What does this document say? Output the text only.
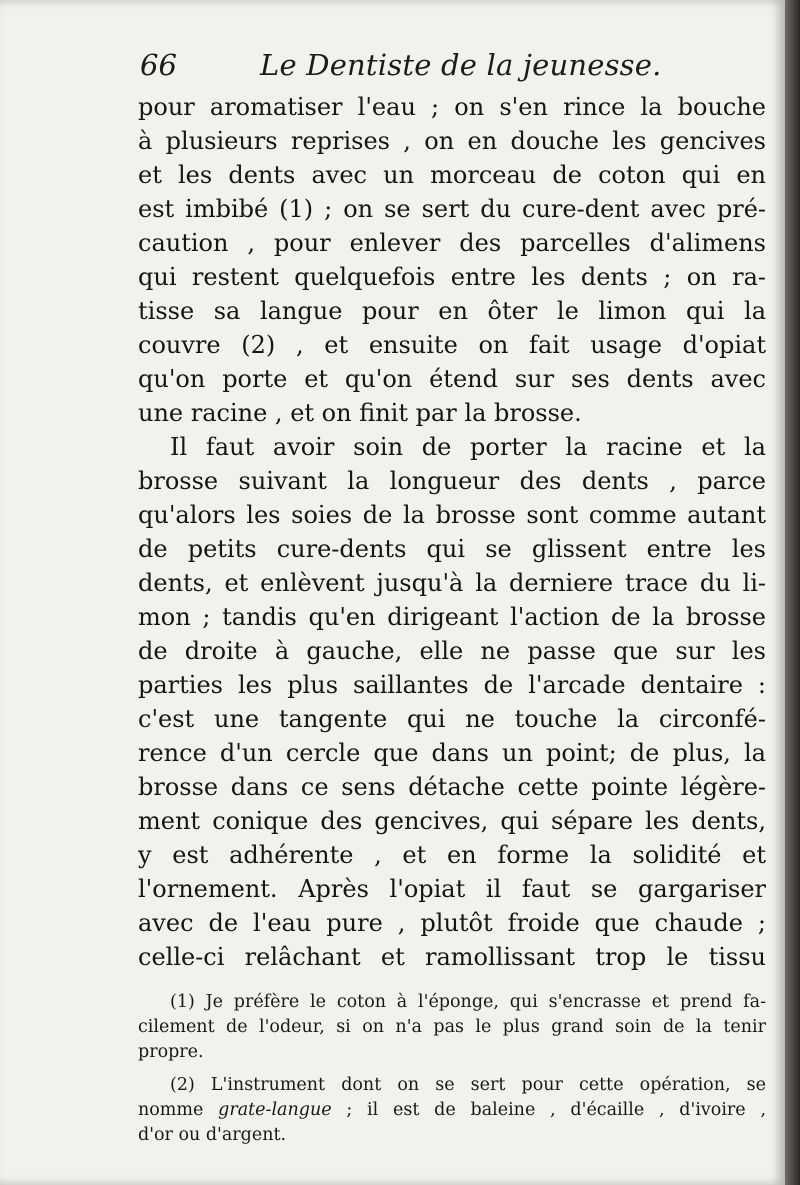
66	Le Dentiste de la jeunesse.
pour aromatiser l'eau ; on s'en rince la bouche
à plusieurs reprises , on en douche les gencives
et les dents avec un morceau de coton qui en
est imbibé (1) ; on se sert du cure-dent avec pré-
caution , pour enlever des parcelles d'alimens
qui restent quelquefois entre les dents ; on ra-
tisse sa langue pour en ôter le limon qui la
couvre (2) , et ensuite on fait usage d'opiat
qu'on porte et qu'on étend sur ses dents avec
une racine , et on finit par la brosse.
Il faut avoir soin de porter la racine et la
brosse suivant la longueur des dents , parce
qu'alors les soies de la brosse sont comme autant
de petits cure-dents qui se glissent entre les
dents, et enlèvent jusqu'à la derniere trace du li-
mon ; tandis qu'en dirigeant l'action de la brosse
de droite à gauche, elle ne passe que sur les
parties les plus saillantes de l'arcade dentaire :
c'est une tangente qui ne touche la circonfé-
rence d'un cercle que dans un point; de plus, la
brosse dans ce sens détache cette pointe légère-
ment conique des gencives, qui sépare les dents,
y est adhérente , et en forme la solidité et
l'ornement. Après l'opiat il faut se gargariser
avec de l'eau pure , plutôt froide que chaude ;
celle-ci relâchant et ramollissant trop le tissu
(1) Je préfère le coton à l'éponge, qui s'encrasse et prend fa-
cilement de l'odeur, si on n'a pas le plus grand soin de la tenir
propre.
(2) L'instrument dont on se sert pour cette opération, se
nomme grate-langue ; il est de baleine , d'écaille , d'ivoire ,
d'or ou d'argent.
